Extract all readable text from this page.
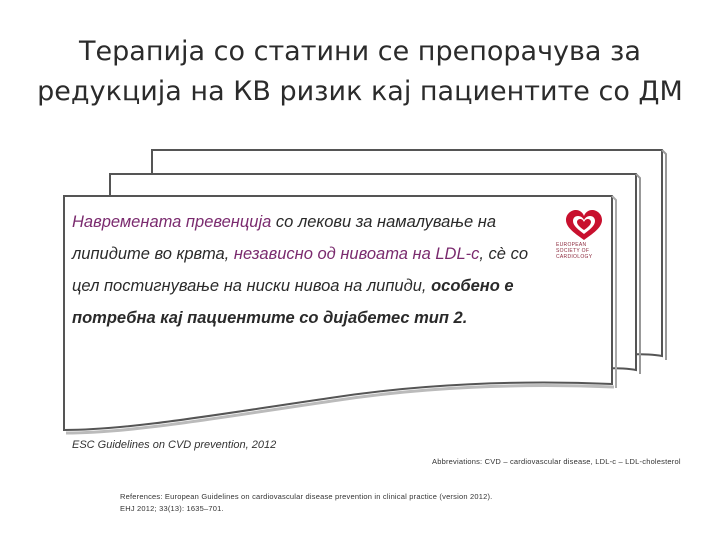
Терапија со статини се препорачува за
редукција на КВ ризик кај пациентите со ДМ
Навремената превенција со лекови за намалување на липидите во крвта, независно од нивоата на LDL-c, сè со цел постигнување на ниски нивоа на липиди, особено е потребна кај пациентите со дијабетес тип 2.
EUROPEAN
SOCIETY OF
CARDIOLOGY
ESC Guidelines on CVD prevention, 2012
Abbreviations: CVD – cardiovascular disease, LDL-c – LDL-cholesterol
References: European Guidelines on cardiovascular disease prevention in clinical practice (version 2012).
EHJ 2012; 33(13): 1635–701.
